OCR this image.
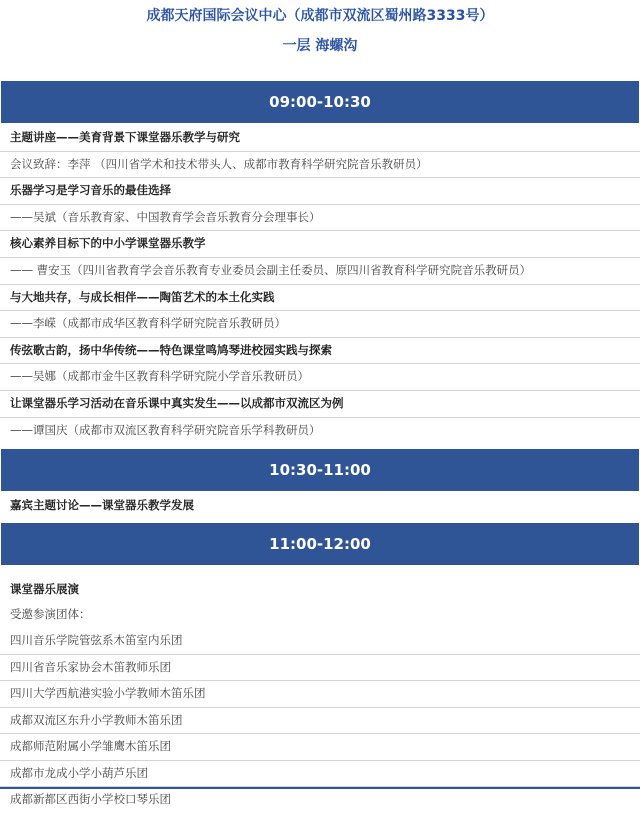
成都天府国际会议中心（成都市双流区蜀州路3333号）
一层 海螺沟
09:00-10:30
主题讲座——美育背景下课堂器乐教学与研究
会议致辞：李萍 （四川省学术和技术带头人、成都市教育科学研究院音乐教研员）
乐器学习是学习音乐的最佳选择
——吴斌（音乐教育家、中国教育学会音乐教育分会理事长）
核心素养目标下的中小学课堂器乐教学
—— 曹安玉（四川省教育学会音乐教育专业委员会副主任委员、原四川省教育科学研究院音乐教研员）
与大地共存，与成长相伴——陶笛艺术的本土化实践
——李嵘（成都市成华区教育科学研究院音乐教研员）
传弦歌古韵，扬中华传统——特色课堂鸣鸠琴进校园实践与探索
——吴娜（成都市金牛区教育科学研究院小学音乐教研员）
让课堂器乐学习活动在音乐课中真实发生——以成都市双流区为例
——谭国庆（成都市双流区教育科学研究院音乐学科教研员）
10:30-11:00
嘉宾主题讨论——课堂器乐教学发展
11:00-12:00
课堂器乐展演
受邀参演团体：
四川音乐学院管弦系木笛室内乐团
四川省音乐家协会木笛教师乐团
四川大学西航港实验小学教师木笛乐团
成都双流区东升小学教师木笛乐团
成都师范附属小学雏鹰木笛乐团
成都市龙成小学小葫芦乐团
成都新都区西街小学校口琴乐团
